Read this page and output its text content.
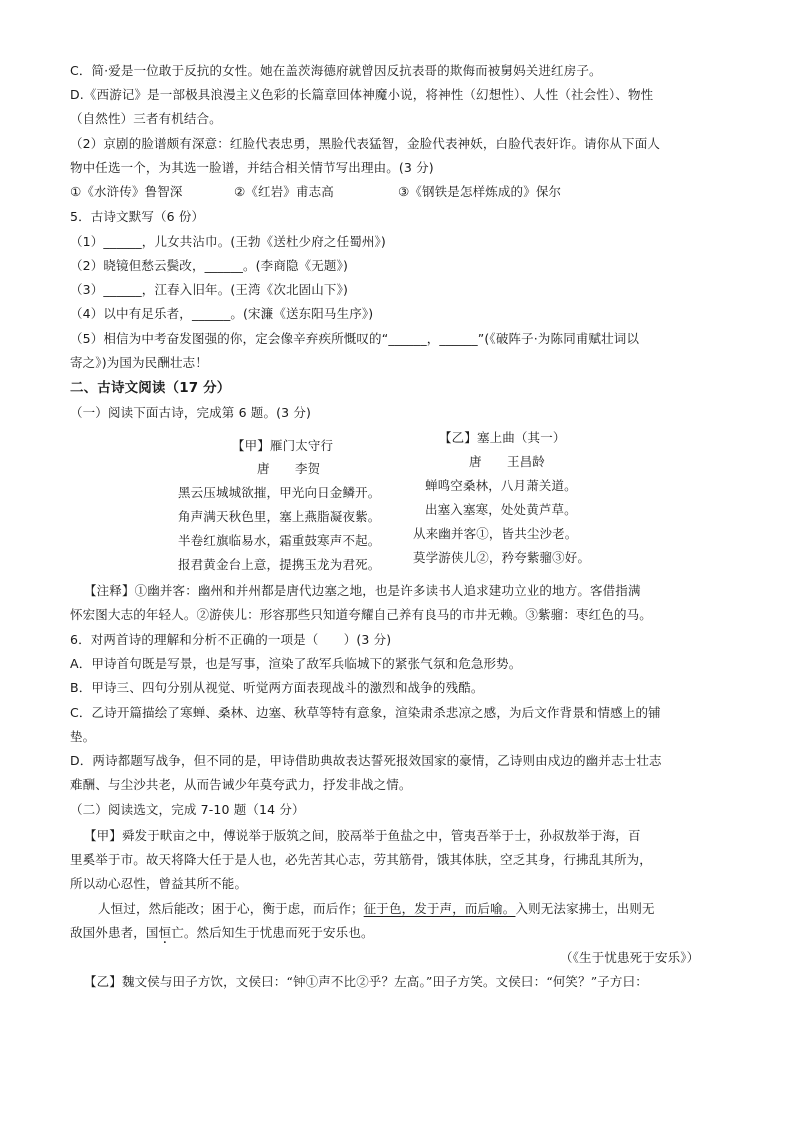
C．简·爱是一位敢于反抗的女性。她在盖茨海德府就曾因反抗表哥的欺侮而被舅妈关进红房子。
D.《西游记》是一部极具浪漫主义色彩的长篇章回体神魔小说，将神性（幻想性）、人性（社会性）、物性
（自然性）三者有机结合。
（2）京剧的脸谱颇有深意：红脸代表忠勇，黑脸代表猛智，金脸代表神妖，白脸代表奸诈。请你从下面人
物中任选一个，为其选一脸谱，并结合相关情节写出理由。(3 分)
①《水浒传》鲁智深	②《红岩》甫志高	③《钢铁是怎样炼成的》保尔
5．古诗文默写（6 份）
（1）______，儿女共沾巾。(王勃《送杜少府之任蜀州》)
（2）晓镜但愁云鬓改，______。(李商隐《无题》)
（3）______，江春入旧年。(王湾《次北固山下》)
（4）以中有足乐者，______。(宋濂《送东阳马生序》)
（5）相信为中考奋发图强的你，定会像辛弃疾所慨叹的“______，______”(《破阵子·为陈同甫赋壮词以
寄之》)为国为民酬壮志！
二、古诗文阅读（17 分）
（一）阅读下面古诗，完成第 6 题。(3 分)
【甲】雁门太守行
唐　　李贺
黑云压城城欲摧，甲光向日金鳞开。
角声满天秋色里，塞上燕脂凝夜紫。
半卷红旗临易水，霜重鼓寒声不起。
报君黄金台上意，提携玉龙为君死。
【乙】塞上曲（其一）
唐　　王昌龄
蝉鸣空桑林，八月萧关道。
出塞入塞寒，处处黄芦草。
从来幽并客①，皆共尘沙老。
莫学游侠儿②，矜夸紫骝③好。
【注释】①幽并客：幽州和并州都是唐代边塞之地，也是许多读书人追求建功立业的地方。客借指满
怀宏图大志的年轻人。②游侠儿：形容那些只知道夸耀自己养有良马的市井无赖。③紫骝：枣红色的马。
6．对两首诗的理解和分析不正确的一项是（　　）(3 分)
A．甲诗首句既是写景，也是写事，渲染了敌军兵临城下的紧张气氛和危急形势。
B．甲诗三、四句分别从视觉、听觉两方面表现战斗的激烈和战争的残酷。
C．乙诗开篇描绘了寒蝉、桑林、边塞、秋草等特有意象，渲染肃杀悲凉之感，为后文作背景和情感上的铺
垫。
D．两诗都题写战争，但不同的是，甲诗借助典故表达誓死报效国家的豪情，乙诗则由戍边的幽并志士壮志
难酬、与尘沙共老，从而告诫少年莫夸武力，抒发非战之情。
（二）阅读选文，完成 7-10 题（14 分）
【甲】舜发于畎亩之中，傅说举于版筑之间，胶鬲举于鱼盐之中，管夷吾举于士，孙叔敖举于海，百
里奚举于市。故天将降大任于是人也，必先苦其心志，劳其筋骨，饿其体肤，空乏其身，行拂乱其所为，
所以动心忍性，曾益其所不能。
人恒过，然后能改；困于心，衡于虑，而后作；征于色，发于声，而后喻。入则无法家拂士，出则无
敌国外患者，国恒亡。然后知生于忧患而死于安乐也。
（《生于忧患死于安乐》）
【乙】魏文侯与田子方饮，文侯曰：“钟①声不比②乎？左高。”田子方笑。文侯曰：“何笑？”子方曰：
